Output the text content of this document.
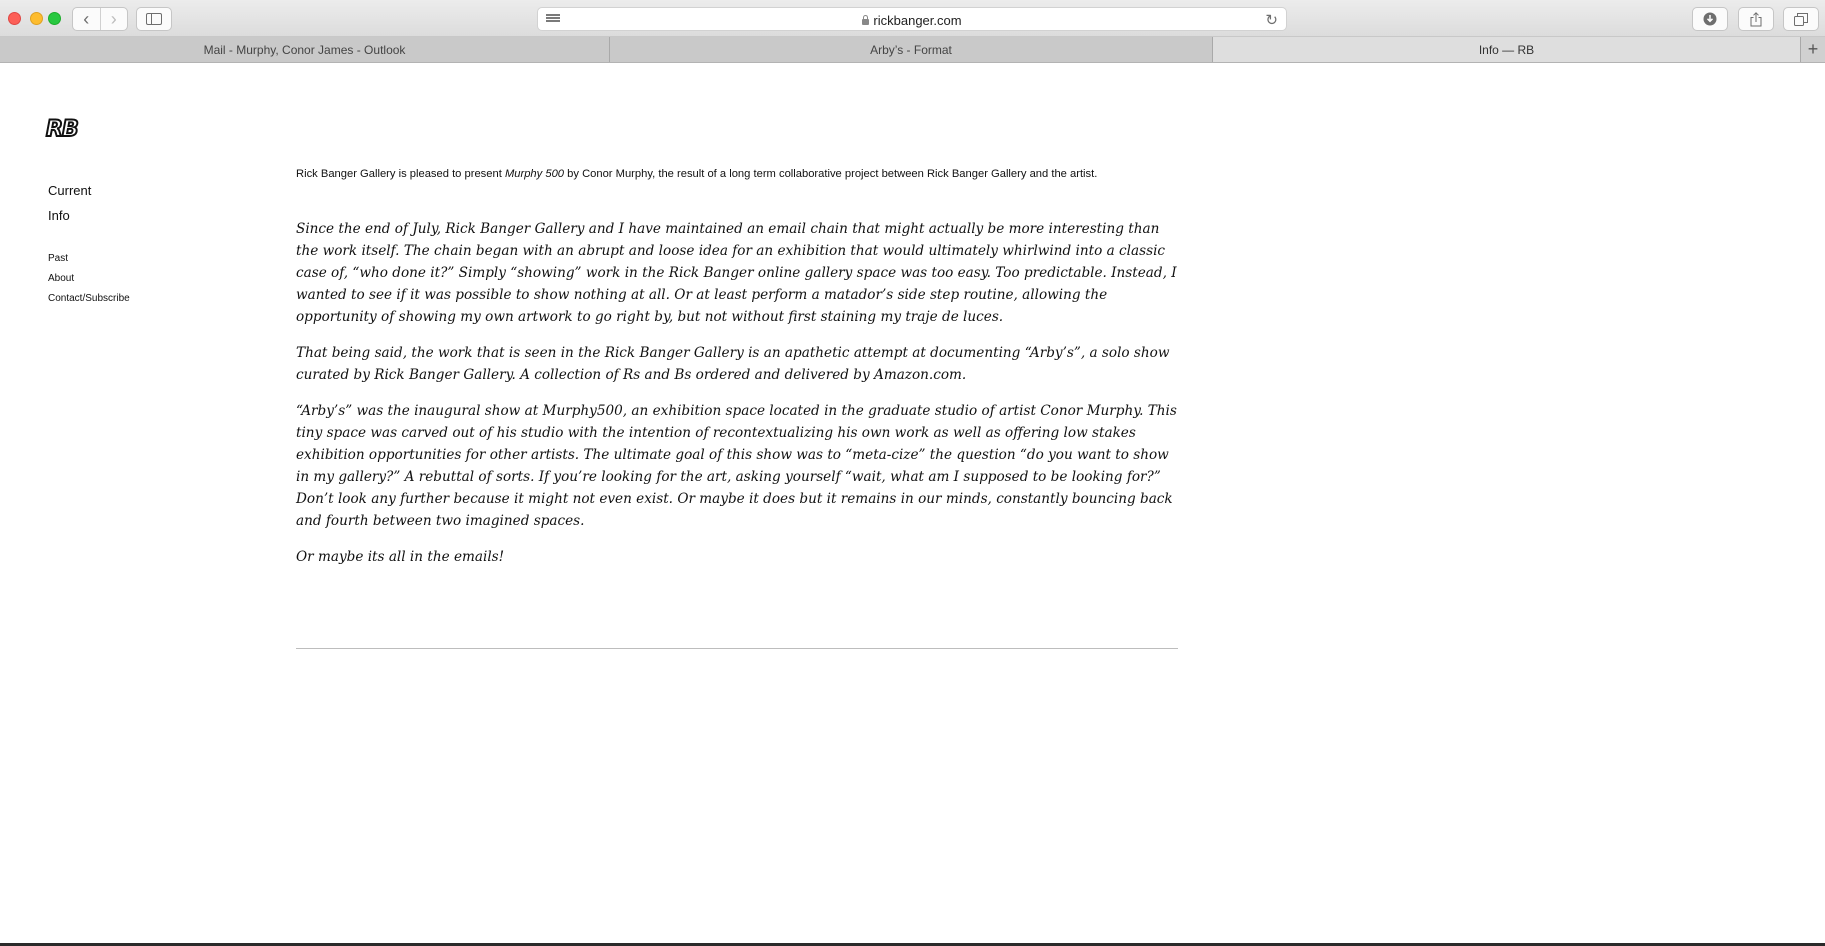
‹ ›	rickbanger.com	↻
Mail - Murphy, Conor James - Outlook	Arby’s - Format	Info — RB	+
RB
Current
Info
Past
About
Contact/Subscribe

Rick Banger Gallery is pleased to present Murphy 500 by Conor Murphy, the result of a long term collaborative project between Rick Banger Gallery and the artist.

Since the end of July, Rick Banger Gallery and I have maintained an email chain that might actually be more interesting than the work itself. The chain began with an abrupt and loose idea for an exhibition that would ultimately whirlwind into a classic case of, “who done it?” Simply “showing” work in the Rick Banger online gallery space was too easy. Too predictable. Instead, I wanted to see if it was possible to show nothing at all. Or at least perform a matador’s side step routine, allowing the opportunity of showing my own artwork to go right by, but not without first staining my traje de luces.

That being said, the work that is seen in the Rick Banger Gallery is an apathetic attempt at documenting “Arby’s”, a solo show curated by Rick Banger Gallery. A collection of Rs and Bs ordered and delivered by Amazon.com.

“Arby’s” was the inaugural show at Murphy500, an exhibition space located in the graduate studio of artist Conor Murphy. This tiny space was carved out of his studio with the intention of recontextualizing his own work as well as offering low stakes exhibition opportunities for other artists. The ultimate goal of this show was to “meta-cize” the question “do you want to show in my gallery?” A rebuttal of sorts. If you’re looking for the art, asking yourself “wait, what am I supposed to be looking for?” Don’t look any further because it might not even exist. Or maybe it does but it remains in our minds, constantly bouncing back and fourth between two imagined spaces.

Or maybe its all in the emails!
